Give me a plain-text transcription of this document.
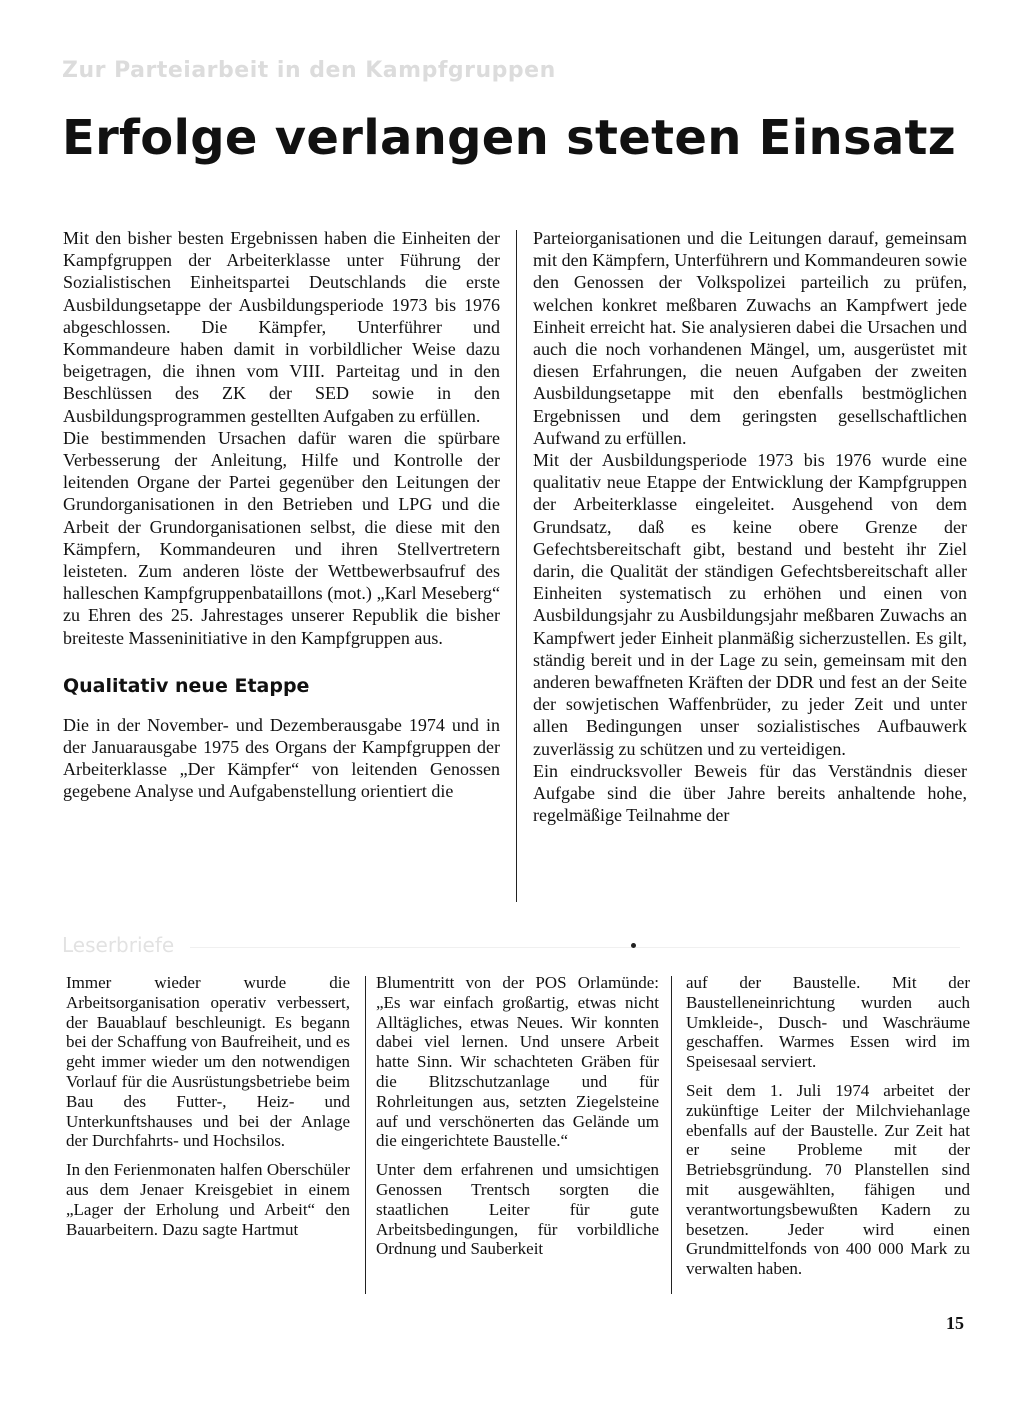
Zur Parteiarbeit in den Kampfgruppen
Erfolge verlangen steten Einsatz

Mit den bisher besten Ergebnissen haben die Einheiten der Kampfgruppen der Arbeiterklasse unter Führung der Sozialistischen Einheitspartei Deutschlands die erste Ausbildungsetappe der Ausbildungsperiode 1973 bis 1976 abgeschlossen. Die Kämpfer, Unterführer und Kommandeure haben damit in vorbildlicher Weise dazu beigetragen, die ihnen vom VIII. Parteitag und in den Beschlüssen des ZK der SED sowie in den Ausbildungsprogrammen gestellten Aufgaben zu erfüllen.

Die bestimmenden Ursachen dafür waren die spürbare Verbesserung der Anleitung, Hilfe und Kontrolle der leitenden Organe der Partei gegenüber den Leitungen der Grundorganisationen in den Betrieben und LPG und die Arbeit der Grundorganisationen selbst, die diese mit den Kämpfern, Kommandeuren und ihren Stellvertretern leisteten. Zum anderen löste der Wettbewerbsaufruf des halleschen Kampfgruppenbataillons (mot.) „Karl Meseberg“ zu Ehren des 25. Jahrestages unserer Republik die bisher breiteste Masseninitiative in den Kampfgruppen aus.

Qualitativ neue Etappe

Die in der November- und Dezemberausgabe 1974 und in der Januarausgabe 1975 des Organs der Kampfgruppen der Arbeiterklasse „Der Kämpfer“ von leitenden Genossen gegebene Analyse und Aufgabenstellung orientiert die

Parteiorganisationen und die Leitungen darauf, gemeinsam mit den Kämpfern, Unterführern und Kommandeuren sowie den Genossen der Volkspolizei parteilich zu prüfen, welchen konkret meßbaren Zuwachs an Kampfwert jede Einheit erreicht hat. Sie analysieren dabei die Ursachen und auch die noch vorhandenen Mängel, um, ausgerüstet mit diesen Erfahrungen, die neuen Aufgaben der zweiten Ausbildungsetappe mit den ebenfalls bestmöglichen Ergebnissen und dem geringsten gesellschaftlichen Aufwand zu erfüllen.

Mit der Ausbildungsperiode 1973 bis 1976 wurde eine qualitativ neue Etappe der Entwicklung der Kampfgruppen der Arbeiterklasse eingeleitet. Ausgehend von dem Grundsatz, daß es keine obere Grenze der Gefechtsbereitschaft gibt, bestand und besteht ihr Ziel darin, die Qualität der ständigen Gefechtsbereitschaft aller Einheiten systematisch zu erhöhen und einen von Ausbildungsjahr zu Ausbildungsjahr meßbaren Zuwachs an Kampfwert jeder Einheit planmäßig sicherzustellen. Es gilt, ständig bereit und in der Lage zu sein, gemeinsam mit den anderen bewaffneten Kräften der DDR und fest an der Seite der sowjetischen Waffenbrüder, zu jeder Zeit und unter allen Bedingungen unser sozialistisches Aufbauwerk zuverlässig zu schützen und zu verteidigen.

Ein eindrucksvoller Beweis für das Verständnis dieser Aufgabe sind die über Jahre bereits anhaltende hohe, regelmäßige Teilnahme der

Leserbriefe

Immer wieder wurde die Arbeitsorganisation operativ verbessert, der Bauablauf beschleunigt. Es begann bei der Schaffung von Baufreiheit, und es geht immer wieder um den notwendigen Vorlauf für die Ausrüstungsbetriebe beim Bau des Futter-, Heiz- und Unterkunftshauses und bei der Anlage der Durchfahrts- und Hochsilos.

In den Ferienmonaten halfen Oberschüler aus dem Jenaer Kreisgebiet in einem „Lager der Erholung und Arbeit“ den Bauarbeitern. Dazu sagte Hartmut

Blumentritt von der POS Orlamünde: „Es war einfach großartig, etwas nicht Alltägliches, etwas Neues. Wir konnten dabei viel lernen. Und unsere Arbeit hatte Sinn. Wir schachteten Gräben für die Blitzschutzanlage und für Rohrleitungen aus, setzten Ziegelsteine auf und verschönerten das Gelände um die eingerichtete Baustelle.“

Unter dem erfahrenen und umsichtigen Genossen Trentsch sorgten die staatlichen Leiter für gute Arbeitsbedingungen, für vorbildliche Ordnung und Sauberkeit

auf der Baustelle. Mit der Baustelleneinrichtung wurden auch Umkleide-, Dusch- und Waschräume geschaffen. Warmes Essen wird im Speisesaal serviert.

Seit dem 1. Juli 1974 arbeitet der zukünftige Leiter der Milchviehanlage ebenfalls auf der Baustelle. Zur Zeit hat er seine Probleme mit der Betriebsgründung. 70 Planstellen sind mit ausgewählten, fähigen und verantwortungsbewußten Kadern zu besetzen. Jeder wird einen Grundmittelfonds von 400 000 Mark zu verwalten haben.

15
